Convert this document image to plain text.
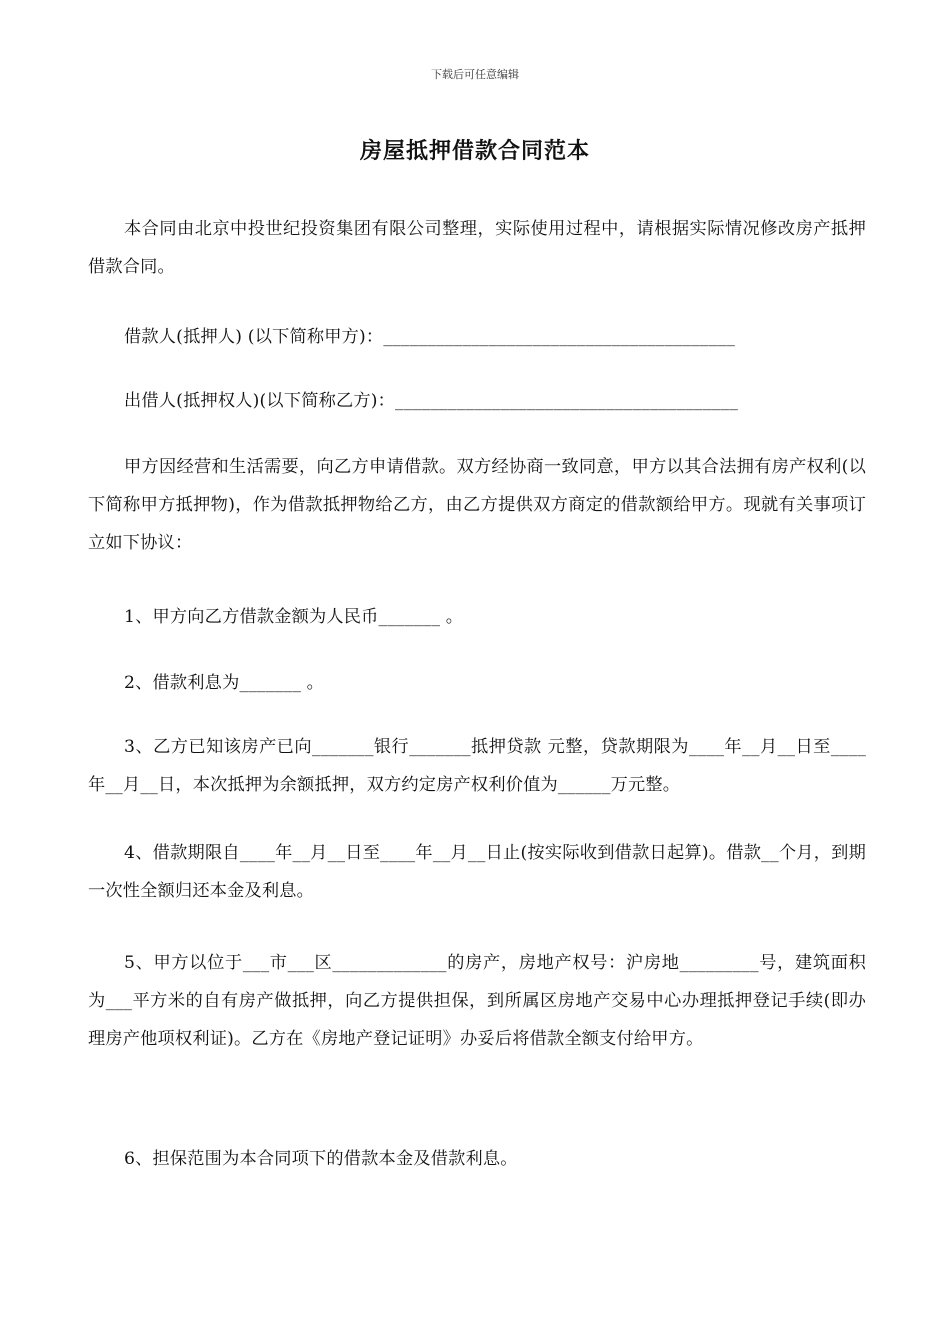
下载后可任意编辑
房屋抵押借款合同范本

本合同由北京中投世纪投资集团有限公司整理，实际使用过程中，请根据实际情况修改房产抵押借款合同。

借款人(抵押人) (以下简称甲方)：________________________________________

出借人(抵押权人)(以下简称乙方)：_______________________________________

甲方因经营和生活需要，向乙方申请借款。双方经协商一致同意，甲方以其合法拥有房产权利(以下简称甲方抵押物)，作为借款抵押物给乙方，由乙方提供双方商定的借款额给甲方。现就有关事项订立如下协议：

1、甲方向乙方借款金额为人民币_______ 。

2、借款利息为_______ 。

3、乙方已知该房产已向_______银行_______抵押贷款 元整，贷款期限为____年__月__日至____年__月__日，本次抵押为余额抵押，双方约定房产权利价值为______万元整。

4、借款期限自____年__月__日至____年__月__日止(按实际收到借款日起算)。借款__个月，到期一次性全额归还本金及利息。

5、甲方以位于___市___区_____________的房产，房地产权号：沪房地_________号，建筑面积为___平方米的自有房产做抵押，向乙方提供担保，到所属区房地产交易中心办理抵押登记手续(即办理房产他项权利证)。乙方在《房地产登记证明》办妥后将借款全额支付给甲方。

6、担保范围为本合同项下的借款本金及借款利息。
